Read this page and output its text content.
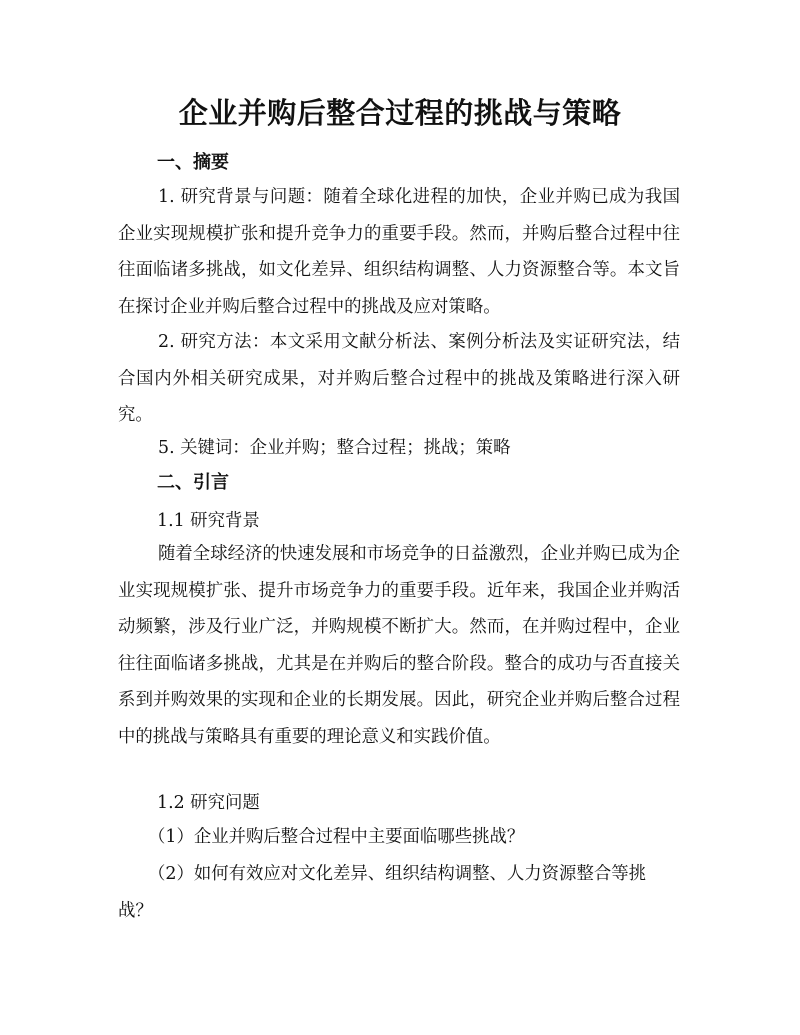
企业并购后整合过程的挑战与策略
一、摘要

1. 研究背景与问题：随着全球化进程的加快，企业并购已成为我国企业实现规模扩张和提升竞争力的重要手段。然而，并购后整合过程中往往面临诸多挑战，如文化差异、组织结构调整、人力资源整合等。本文旨在探讨企业并购后整合过程中的挑战及应对策略。

2. 研究方法：本文采用文献分析法、案例分析法及实证研究法，结合国内外相关研究成果，对并购后整合过程中的挑战及策略进行深入研究。

5. 关键词：企业并购；整合过程；挑战；策略

二、引言
1.1 研究背景

随着全球经济的快速发展和市场竞争的日益激烈，企业并购已成为企业实现规模扩张、提升市场竞争力的重要手段。近年来，我国企业并购活动频繁，涉及行业广泛，并购规模不断扩大。然而，在并购过程中，企业往往面临诸多挑战，尤其是在并购后的整合阶段。整合的成功与否直接关系到并购效果的实现和企业的长期发展。因此，研究企业并购后整合过程中的挑战与策略具有重要的理论意义和实践价值。

1.2 研究问题

（1）企业并购后整合过程中主要面临哪些挑战？

（2）如何有效应对文化差异、组织结构调整、人力资源整合等挑战？
